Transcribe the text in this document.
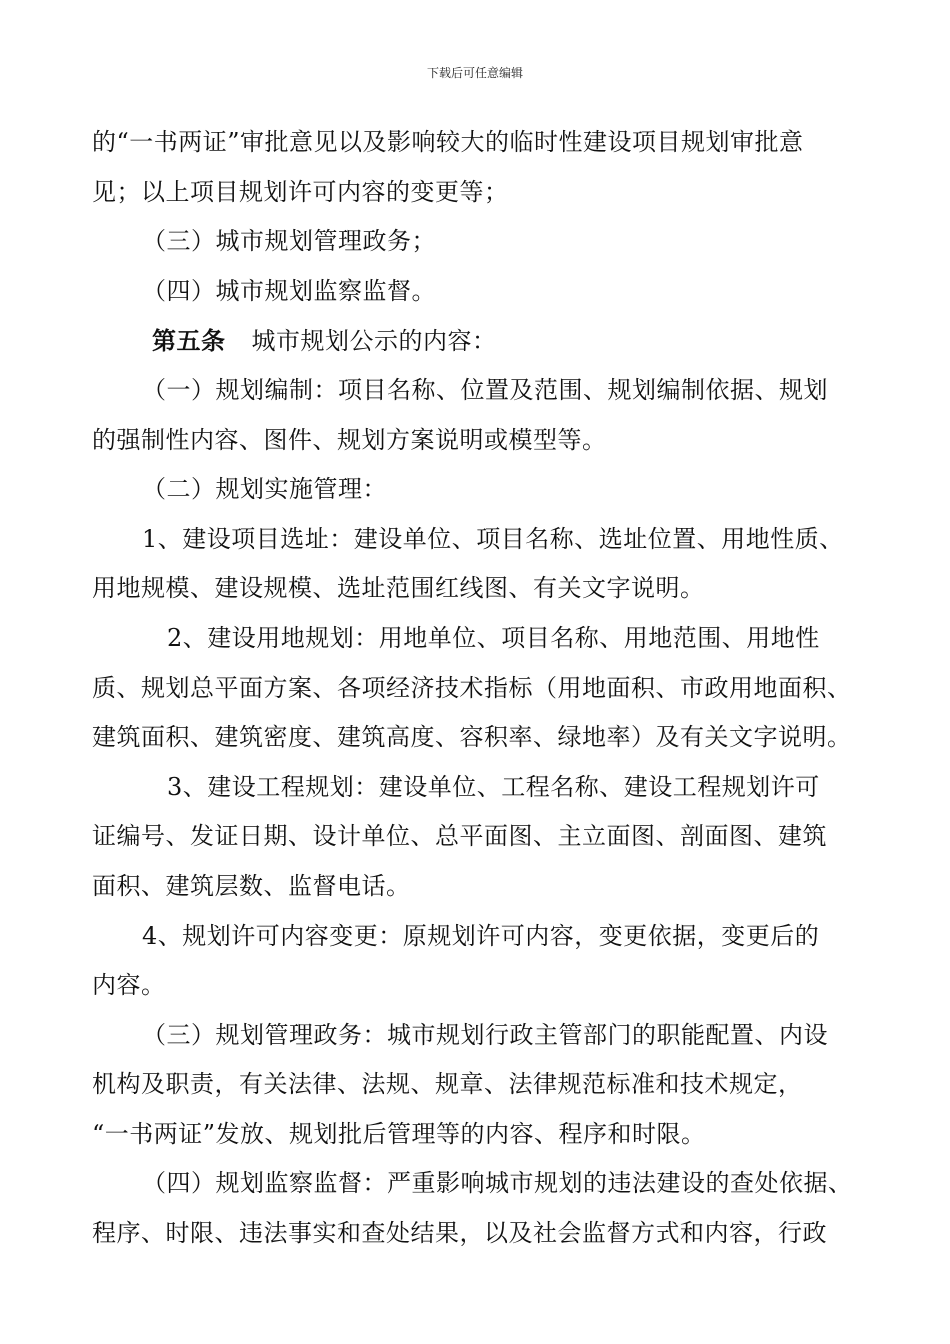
下载后可任意编辑
的“一书两证”审批意见以及影响较大的临时性建设项目规划审批意
见；以上项目规划许可内容的变更等；
（三）城市规划管理政务；
（四）城市规划监察监督。
第五条 城市规划公示的内容：
（一）规划编制：项目名称、位置及范围、规划编制依据、规划
的强制性内容、图件、规划方案说明或模型等。
（二）规划实施管理：
1、建设项目选址：建设单位、项目名称、选址位置、用地性质、
用地规模、建设规模、选址范围红线图、有关文字说明。
2、建设用地规划：用地单位、项目名称、用地范围、用地性
质、规划总平面方案、各项经济技术指标（用地面积、市政用地面积、
建筑面积、建筑密度、建筑高度、容积率、绿地率）及有关文字说明。
3、建设工程规划：建设单位、工程名称、建设工程规划许可
证编号、发证日期、设计单位、总平面图、主立面图、剖面图、建筑
面积、建筑层数、监督电话。
4、规划许可内容变更：原规划许可内容，变更依据，变更后的
内容。
（三）规划管理政务：城市规划行政主管部门的职能配置、内设
机构及职责，有关法律、法规、规章、法律规范标准和技术规定，
“一书两证”发放、规划批后管理等的内容、程序和时限。
（四）规划监察监督：严重影响城市规划的违法建设的查处依据、
程序、时限、违法事实和查处结果，以及社会监督方式和内容，行政
